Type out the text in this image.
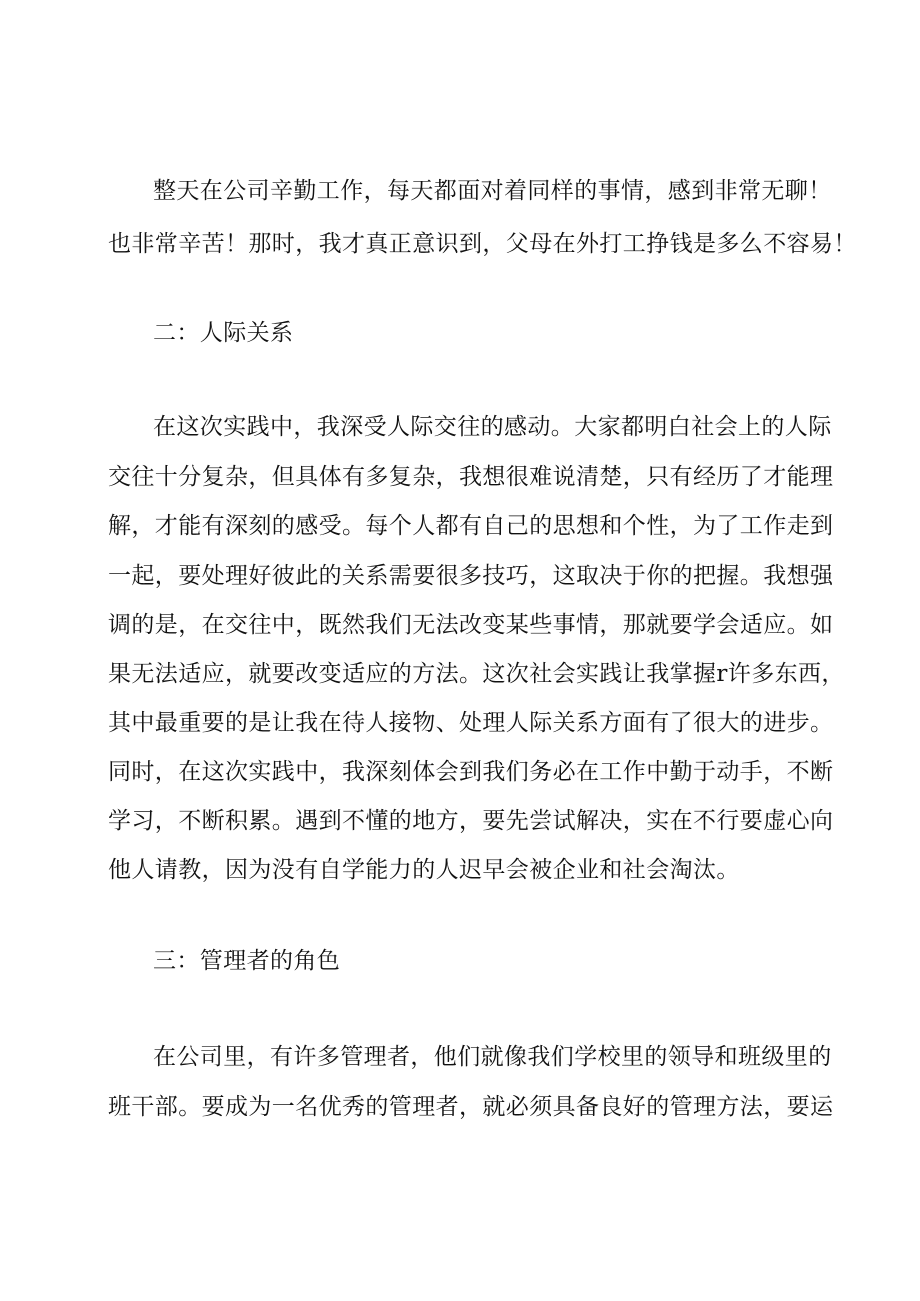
整天在公司辛勤工作，每天都面对着同样的事情，感到非常无聊！
也非常辛苦！那时，我才真正意识到，父母在外打工挣钱是多么不容易！
二：人际关系
在这次实践中，我深受人际交往的感动。大家都明白社会上的人际
交往十分复杂，但具体有多复杂，我想很难说清楚，只有经历了才能理
解，才能有深刻的感受。每个人都有自己的思想和个性，为了工作走到
一起，要处理好彼此的关系需要很多技巧，这取决于你的把握。我想强
调的是，在交往中，既然我们无法改变某些事情，那就要学会适应。如
果无法适应，就要改变适应的方法。这次社会实践让我掌握r许多东西，
其中最重要的是让我在待人接物、处理人际关系方面有了很大的进步。
同时，在这次实践中，我深刻体会到我们务必在工作中勤于动手，不断
学习，不断积累。遇到不懂的地方，要先尝试解决，实在不行要虚心向
他人请教，因为没有自学能力的人迟早会被企业和社会淘汰。
三：管理者的角色
在公司里，有许多管理者，他们就像我们学校里的领导和班级里的
班干部。要成为一名优秀的管理者，就必须具备良好的管理方法，要运
